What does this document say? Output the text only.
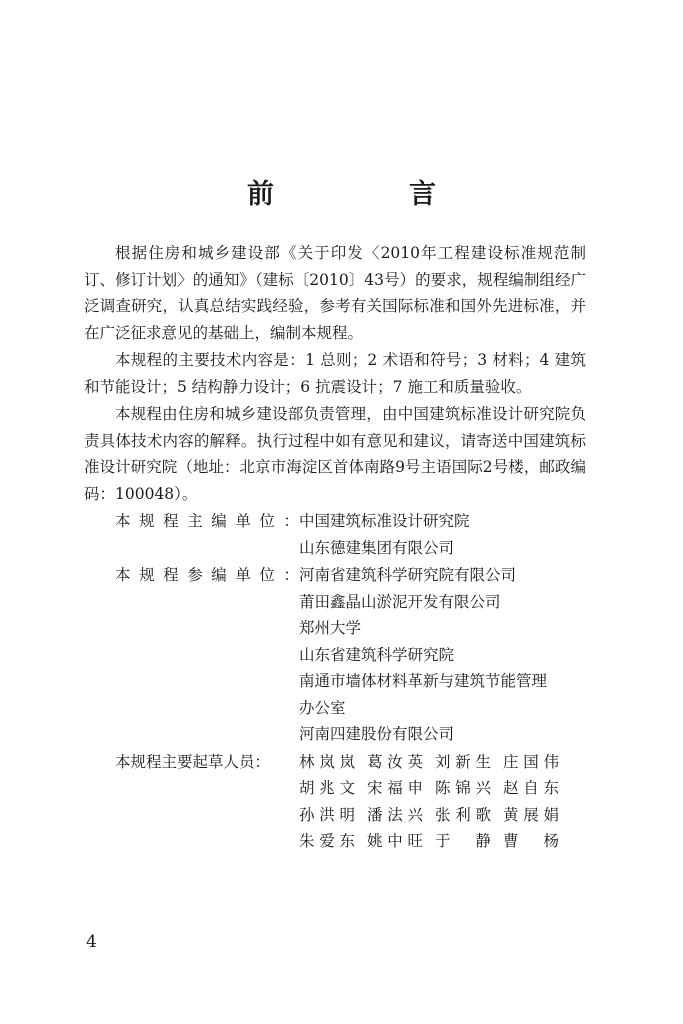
前　言

根据住房和城乡建设部《关于印发〈2010年工程建设标准规范制订、修订计划〉的通知》（建标〔2010〕43号）的要求，规程编制组经广泛调查研究，认真总结实践经验，参考有关国际标准和国外先进标准，并在广泛征求意见的基础上，编制本规程。

本规程的主要技术内容是：1 总则；2 术语和符号；3 材料；4 建筑和节能设计；5 结构静力设计；6 抗震设计；7 施工和质量验收。

本规程由住房和城乡建设部负责管理，由中国建筑标准设计研究院负责具体技术内容的解释。执行过程中如有意见和建议，请寄送中国建筑标准设计研究院（地址：北京市海淀区首体南路9号主语国际2号楼，邮政编码：100048）。

本规程主编单位： 中国建筑标准设计研究院
山东德建集团有限公司
本规程参编单位： 河南省建筑科学研究院有限公司
莆田鑫晶山淤泥开发有限公司
郑州大学
山东省建筑科学研究院
南通市墙体材料革新与建筑节能管理
办公室
河南四建股份有限公司
本规程主要起草人员：	林岚岚 葛汝英 刘新生 庄国伟
胡兆文 宋福申 陈锦兴 赵自东
孙洪明 潘法兴 张利歌 黄展娟
朱爱东 姚中旺 于　静 曹　杨
4
